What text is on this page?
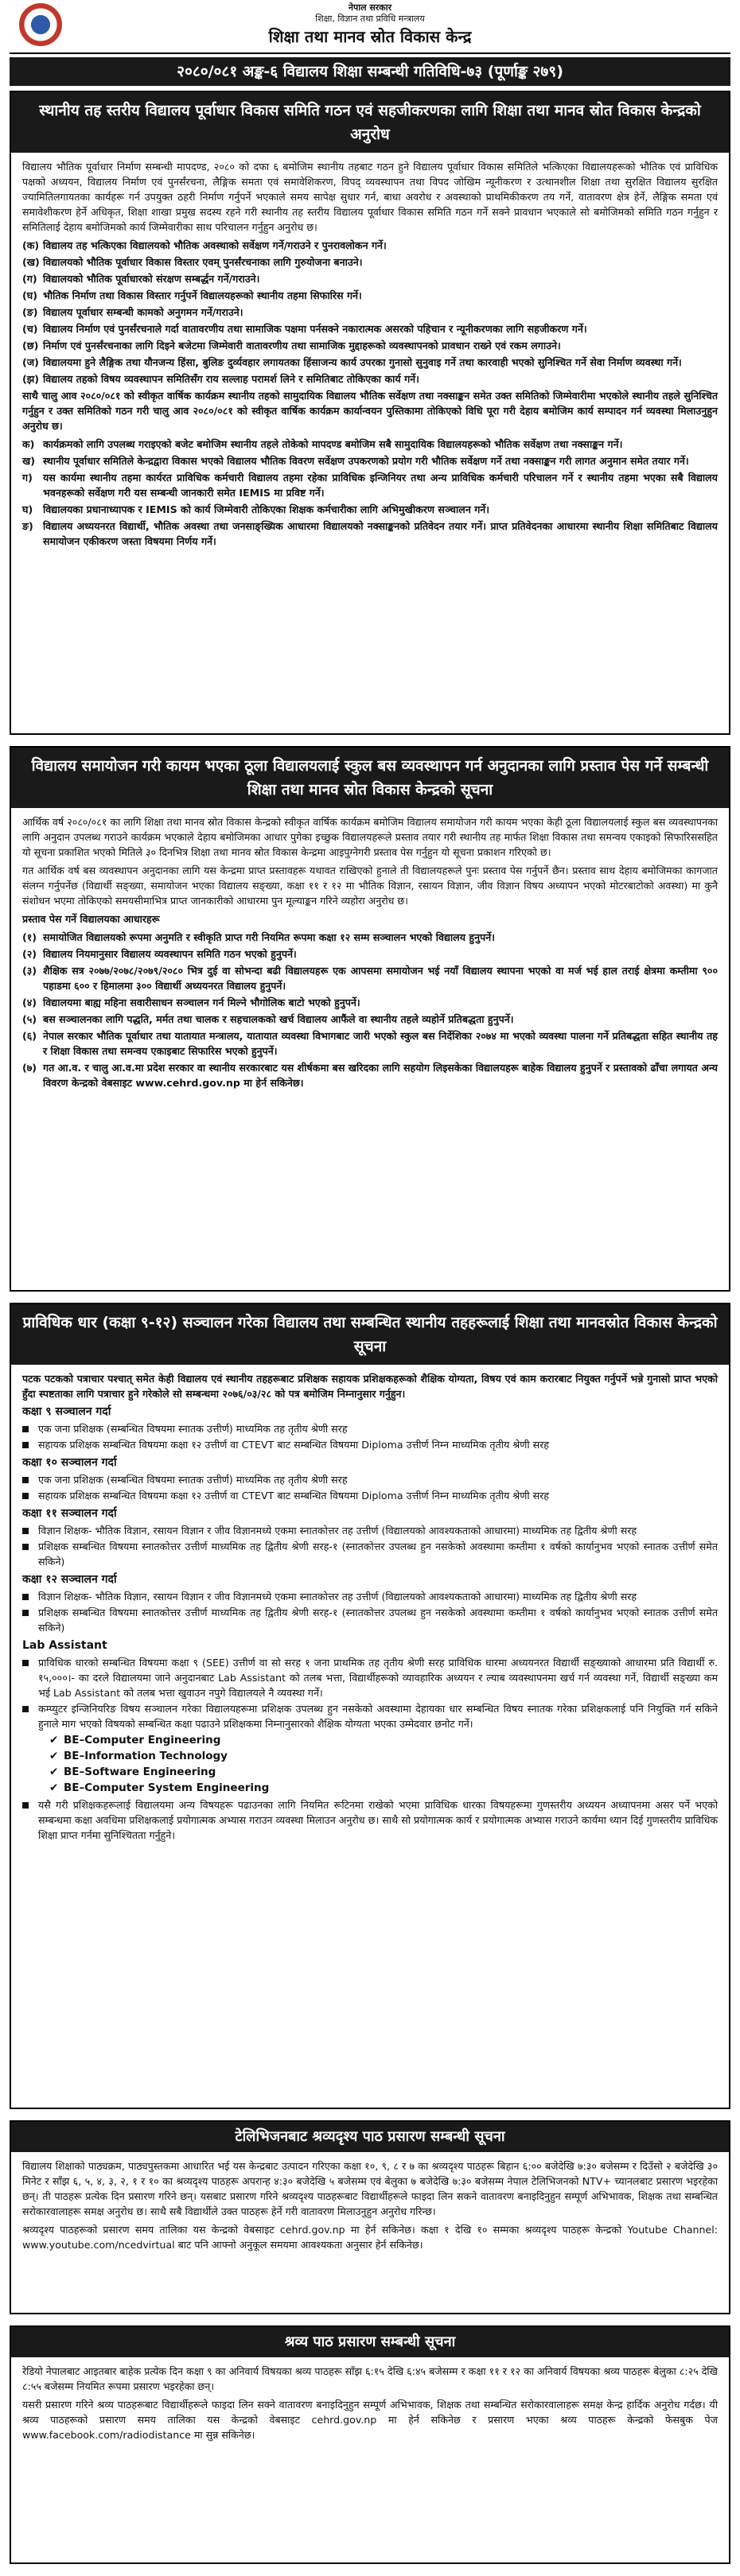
नेपाल सरकार
शिक्षा, विज्ञान तथा प्रविधि मन्त्रालय
शिक्षा तथा मानव स्रोत विकास केन्द्र
२०८०/०८१ अङ्क-६ विद्यालय शिक्षा सम्बन्धी गतिविधि-७३ (पूर्णाङ्क २७९)
स्थानीय तह स्तरीय विद्यालय पूर्वाधार विकास समिति गठन एवं सहजीकरणका लागि शिक्षा तथा मानव स्रोत विकास केन्द्रको अनुरोध

विद्यालय भौतिक पूर्वाधार निर्माण सम्बन्धी मापदण्ड, २०८० को दफा ६ बमोजिम स्थानीय तहबाट गठन हुने विद्यालय पूर्वाधार विकास समितिले भत्किएका विद्यालयहरूको भौतिक एवं प्राविधिक पक्षको अध्ययन, विद्यालय निर्माण एवं पुनर्संरचना, लैङ्गिक समता एवं समावेशिकरण, विपद् व्यवस्थापन तथा विपद जोखिम न्यूनीकरण र उत्थानशील शिक्षा तथा सुरक्षित विद्यालय सुरक्षित ज्यामितिलगायतका कार्यहरू गर्न उपयुक्त ठहरी निर्माण गर्नुपर्ने भएकाले समय सापेक्ष सुधार गर्न, बाधा अवरोध र अवस्थाको प्राथमिकीकरण तय गर्ने, वातावरण क्षेत्र हेर्ने, लैङ्गिक समता एवं समावेशीकरण हेर्ने अधिकृत, शिक्षा शाखा प्रमुख सदस्य रहने गरी स्थानीय तह स्तरीय विद्यालय पूर्वाधार विकास समिति गठन गर्ने सक्ने प्रावधान भएकाले सो बमोजिमको समिति गठन गर्नुहुन र समितिलाई देहाय बमोजिमको कार्य जिम्मेवारीका साथ परिचालन गर्नुहुन अनुरोध छ।

(क) विद्यालय तह भत्किएका विद्यालयको भौतिक अवस्थाको सर्वेक्षण गर्ने/गराउने र पुनरावलोकन गर्ने।
(ख) विद्यालयको भौतिक पूर्वाधार विकास विस्तार एवम् पुनर्संरचनाका लागि गुरुयोजना बनाउने।
(ग) विद्यालयको भौतिक पूर्वाधारको संरक्षण सम्बर्द्धन गर्ने/गराउने।
(घ) भौतिक निर्माण तथा विकास विस्तार गर्नुपर्ने विद्यालयहरूको स्थानीय तहमा सिफारिस गर्ने।
(ङ) विद्यालय पूर्वाधार सम्बन्धी कामको अनुगमन गर्ने/गराउने।
(च) विद्यालय निर्माण एवं पुनर्संरचनाले गर्दा वातावरणीय तथा सामाजिक पक्षमा पर्नसक्ने नकारात्मक असरको पहिचान र न्यूनीकरणका लागि सहजीकरण गर्ने।
(छ) निर्माण एवं पुनर्संरचनाका लागि दिइने बजेटमा जिम्मेवारी वातावरणीय तथा सामाजिक मुद्दाहरूको व्यवस्थापनको प्रावधान राख्ने एवं रकम लगाउने।
(ज) विद्यालयमा हुने लैङ्गिक तथा यौनजन्य हिंसा, बुलिङ दुर्व्यवहार लगायतका हिंसाजन्य कार्य उपरका गुनासो सुनुवाइ गर्ने तथा कारवाही भएको सुनिश्चित गर्ने सेवा निर्माण व्यवस्था गर्ने।
(झ) विद्यालय तहको विषय व्यवस्थापन समितिसँग राय सल्लाह परामर्श लिने र समितिबाट तोकिएका कार्य गर्ने।

साथै चालु आव २०८०/०८१ को स्वीकृत वार्षिक कार्यक्रम स्थानीय तहको सामुदायिक विद्यालय भौतिक सर्वेक्षण तथा नक्साङ्कन समेत उक्त समितिको जिम्मेवारीमा भएकोले स्थानीय तहले सुनिश्चित गर्नुहुन र उक्त समितिको गठन गरी चालु आव २०८०/०८१ को स्वीकृत वार्षिक कार्यक्रम कार्यान्वयन पुस्तिकामा तोकिएको विधि पूरा गरी देहाय बमोजिम कार्य सम्पादन गर्न व्यवस्था मिलाउनुहुन अनुरोध छ।

क) कार्यक्रमको लागि उपलब्ध गराइएको बजेट बमोजिम स्थानीय तहले तोकेको मापदण्ड बमोजिम सबै सामुदायिक विद्यालयहरूको भौतिक सर्वेक्षण तथा नक्साङ्कन गर्ने।
ख) स्थानीय पूर्वाधार समितिले केन्द्रद्वारा विकास भएको विद्यालय भौतिक विवरण सर्वेक्षण उपकरणको प्रयोग गरी भौतिक सर्वेक्षण गर्ने तथा नक्साङ्कन गरी लागत अनुमान समेत तयार गर्ने।
ग)	यस कार्यमा स्थानीय तहमा कार्यरत प्राविधिक कर्मचारी विद्यालय तहमा रहेका प्राविधिक इन्जिनियर तथा अन्य प्राविधिक कर्मचारी परिचालन गर्ने र स्थानीय तहमा भएका सबै विद्यालय भवनहरूको सर्वेक्षण गरी यस सम्बन्धी जानकारी समेत IEMIS मा प्रविष्ट गर्ने।
घ)	विद्यालयका प्रधानाध्यापक र IEMIS को कार्य जिम्मेवारी तोकिएका शिक्षक कर्मचारीका लागि अभिमुखीकरण सञ्चालन गर्ने।
ङ) विद्यालय अध्ययनरत विद्यार्थी, भौतिक अवस्था तथा जनसाङ्ख्यिक आधारमा विद्यालयको नक्साङ्कनको प्रतिवेदन तयार गर्ने। प्राप्त प्रतिवेदनका आधारमा स्थानीय शिक्षा समितिबाट विद्यालय समायोजन एकीकरण जस्ता विषयमा निर्णय गर्ने।
विद्यालय समायोजन गरी कायम भएका ठूला विद्यालयलाई स्कुल बस व्यवस्थापन गर्न अनुदानका लागि प्रस्ताव पेस गर्ने सम्बन्धी शिक्षा तथा मानव स्रोत विकास केन्द्रको सूचना

आर्थिक वर्ष २०८०/०८१ का लागि शिक्षा तथा मानव स्रोत विकास केन्द्रको स्वीकृत वार्षिक कार्यक्रम बमोजिम विद्यालय समायोजन गरी कायम भएका केही ठूला विद्यालयलाई स्कुल बस व्यवस्थापनका लागि अनुदान उपलब्ध गराउने कार्यक्रम भएकाले देहाय बमोजिमका आधार पुगेका इच्छुक विद्यालयहरूले प्रस्ताव तयार गरी स्थानीय तह मार्फत शिक्षा विकास तथा समन्वय एकाइको सिफारिससहित यो सूचना प्रकाशित भएको मितिले ३० दिनभित्र शिक्षा तथा मानव स्रोत विकास केन्द्रमा आइपुग्नेगरी प्रस्ताव पेस गर्नुहुन यो सूचना प्रकाशन गरिएको छ।

गत आर्थिक वर्ष बस व्यवस्थापन अनुदानका लागि यस केन्द्रमा प्राप्त प्रस्तावहरू यथावत राखिएको हुनाले ती विद्यालयहरूले पुनः प्रस्ताव पेस गर्नुपर्ने छैन। प्रस्ताव साथ देहाय बमोजिमका कागजात संलग्न गर्नुपर्नेछ (विद्यार्थी सङ्ख्या, समायोजन भएका विद्यालय सङ्ख्या, कक्षा ११ र १२ मा भौतिक विज्ञान, रसायन विज्ञान, जीव विज्ञान विषय अध्यापन भएको मोटरबाटोको अवस्था) मा कुनै संशोधन भएमा तोकिएको समयसीमाभित्र प्राप्त जानकारीको आधारमा पुन मूल्याङ्कन गरिने व्यहोरा अनुरोध छ।

प्रस्ताव पेस गर्ने विद्यालयका आधारहरू

(१) समायोजित विद्यालयको रूपमा अनुमति र स्वीकृति प्राप्त गरी नियमित रूपमा कक्षा १२ सम्म सञ्चालन भएको विद्यालय हुनुपर्ने।
(२) विद्यालय नियमानुसार विद्यालय व्यवस्थापन समिति गठन भएको हुनुपर्ने।
(३) शैक्षिक सत्र २०७७/२०७८/२०७९/२०८० भित्र दुई वा सोभन्दा बढी विद्यालयहरू एक आपसमा समायोजन भई नयाँ विद्यालय स्थापना भएको वा मर्ज भई हाल तराई क्षेत्रमा कम्तीमा ९०० पहाडमा ६०० र हिमालमा ३०० विद्यार्थी अध्ययनरत विद्यालय हुनुपर्ने।
(४) विद्यालयमा बाह्य महिना सवारीसाधन सञ्चालन गर्न मिल्ने भौगोलिक बाटो भएको हुनुपर्ने।
(५) बस सञ्चालनका लागि पद्धति, मर्मत तथा चालक र सहचालकको खर्च विद्यालय आफैंले वा स्थानीय तहले व्यहोर्ने प्रतिबद्धता हुनुपर्ने।
(६) नेपाल सरकार भौतिक पूर्वाधार तथा यातायात मन्त्रालय, यातायात व्यवस्था विभागबाट जारी भएको स्कुल बस निर्देशिका २०७४ मा भएको व्यवस्था पालना गर्ने प्रतिबद्धता सहित स्थानीय तह र शिक्षा विकास तथा समन्वय एकाइबाट सिफारिस भएको हुनुपर्ने।
(७) गत आ.व. र चालु आ.व.मा प्रदेश सरकार वा स्थानीय सरकारबाट यस शीर्षकमा बस खरिदका लागि सहयोग लिइसकेका विद्यालयहरू बाहेक विद्यालय हुनुपर्ने र प्रस्तावको ढाँचा लगायत अन्य विवरण केन्द्रको वेबसाइट www.cehrd.gov.np मा हेर्न सकिनेछ।
प्राविधिक धार (कक्षा ९-१२) सञ्चालन गरेका विद्यालय तथा सम्बन्धित स्थानीय तहहरूलाई शिक्षा तथा मानवस्रोत विकास केन्द्रको सूचना

पटक पटकको पत्राचार पश्चात् समेत केही विद्यालय एवं स्थानीय तहहरूबाट प्रशिक्षक सहायक प्रशिक्षकहरूको शैक्षिक योग्यता, विषय एवं काम करारबाट नियुक्त गर्नुपर्ने भन्ने गुनासो प्राप्त भएको हुँदा स्पष्टताका लागि पत्राचार हुने गरेकोले सो सम्बन्धमा २०७६/०३/२८ को पत्र बमोजिम निम्नानुसार गर्नुहुन।

कक्षा ९ सञ्चालन गर्दा
एक जना प्रशिक्षक (सम्बन्धित विषयमा स्नातक उत्तीर्ण) माध्यमिक तह तृतीय श्रेणी सरह
सहायक प्रशिक्षक सम्बन्धित विषयमा कक्षा १२ उत्तीर्ण वा CTEVT बाट सम्बन्धित विषयमा Diploma उत्तीर्ण निम्न माध्यमिक तृतीय श्रेणी सरह
कक्षा १० सञ्चालन गर्दा
एक जना प्रशिक्षक (सम्बन्धित विषयमा स्नातक उत्तीर्ण) माध्यमिक तह तृतीय श्रेणी सरह
सहायक प्रशिक्षक सम्बन्धित विषयमा कक्षा १२ उत्तीर्ण वा CTEVT बाट सम्बन्धित विषयमा Diploma उत्तीर्ण निम्न माध्यमिक तृतीय श्रेणी सरह
कक्षा ११ सञ्चालन गर्दा
विज्ञान शिक्षक- भौतिक विज्ञान, रसायन विज्ञान र जीव विज्ञानमध्ये एकमा स्नातकोत्तर तह उत्तीर्ण (विद्यालयको आवश्यकताको आधारमा) माध्यमिक तह द्वितीय श्रेणी सरह
प्रशिक्षक सम्बन्धित विषयमा स्नातकोत्तर उत्तीर्ण माध्यमिक तह द्वितीय श्रेणी सरह-१ (स्नातकोत्तर उपलब्ध हुन नसकेको अवस्थामा कम्तीमा १ वर्षको कार्यानुभव भएको स्नातक उत्तीर्ण समेत सकिने)
कक्षा १२ सञ्चालन गर्दा
विज्ञान शिक्षक- भौतिक विज्ञान, रसायन विज्ञान र जीव विज्ञानमध्ये एकमा स्नातकोत्तर तह उत्तीर्ण (विद्यालयको आवश्यकताको आधारमा) माध्यमिक तह द्वितीय श्रेणी सरह
प्रशिक्षक सम्बन्धित विषयमा स्नातकोत्तर उत्तीर्ण माध्यमिक तह द्वितीय श्रेणी सरह-१ (स्नातकोत्तर उपलब्ध हुन नसकेको अवस्थामा कम्तीमा १ वर्षको कार्यानुभव भएको स्नातक उत्तीर्ण समेत सकिने)
Lab Assistant
प्राविधिक धारको सम्बन्धित विषयमा कक्षा ९ (SEE) उत्तीर्ण वा सो सरह १ जना प्राथमिक तह तृतीय श्रेणी सरह प्राविधिक धारमा अध्ययनरत विद्यार्थी सङ्ख्याको आधारमा प्रति विद्यार्थी रु. १५,०००।- का दरले विद्यालयमा जाने अनुदानबाट Lab Assistant को तलब भत्ता, विद्यार्थीहरूको व्यावहारिक अध्ययन र ल्याब व्यवस्थापनमा खर्च गर्न व्यवस्था गर्ने, विद्यार्थी सङ्ख्या कम भई Lab Assistant को तलब भत्ता खुवाउन नपुगे विद्यालयले नै व्यवस्था गर्ने।
कम्प्युटर इन्जिनियरिङ विषय सञ्चालन गरेका विद्यालयहरूमा प्रशिक्षक उपलब्ध हुन नसकेको अवस्थामा देहायका धार सम्बन्धित विषय स्नातक गरेका प्रशिक्षकलाई पनि नियुक्ति गर्न सकिने हुनाले माग भएको विषयको सम्बन्धित कक्षा पढाउने प्रशिक्षकमा निम्नानुसारको शैक्षिक योग्यता भएका उम्मेदवार छनोट गर्ने।
✔ BE–Computer Engineering
✔ BE–Information Technology
✔ BE–Software Engineering
✔ BE–Computer System Engineering
यसै गरी प्रशिक्षकहरूलाई विद्यालयमा अन्य विषयहरू पढाउनका लागि नियमित रूटिनमा राखेको भएमा प्राविधिक धारका विषयहरूमा गुणस्तरीय अध्ययन अध्यापनमा असर पर्ने भएको सम्बन्धमा कक्षा अवधिमा प्रशिक्षकलाई प्रयोगात्मक अभ्यास गराउन व्यवस्था मिलाउन अनुरोध छ। साथै सो प्रयोगात्मक कार्य र प्रयोगात्मक अभ्यास गराउने कार्यमा ध्यान दिई गुणस्तरीय प्राविधिक शिक्षा प्राप्त गर्नमा सुनिश्चितता गर्नुहुने।
टेलिभिजनबाट श्रव्यदृश्य पाठ प्रसारण सम्बन्धी सूचना

विद्यालय शिक्षाको पाठ्यक्रम, पाठ्यपुस्तकमा आधारित भई यस केन्द्रबाट उत्पादन गरिएका कक्षा १०, ९, ८ र ७ का श्रव्यदृश्य पाठहरू बिहान ६:०० बजेदेखि ७:३० बजेसम्म र दिउँसो २ बजेदेखि ३० मिनेट र साँझ ६, ५, ४, ३, २, १ र १० का श्रव्यदृश्य पाठहरू अपरान्ह ४:३० बजेदेखि ५ बजेसम्म एवं बेलुका ७ बजेदेखि ७:३० बजेसम्म नेपाल टेलिभिजनको NTV+ च्यानलबाट प्रसारण भइरहेका छन्। ती पाठहरू प्रत्येक दिन प्रसारण गरिने छन्। यसबाट प्रसारण गरिने श्रव्यदृश्य पाठहरूबाट विद्यार्थीहरूले फाइदा लिन सकने वातावरण बनाइदिनुहुन सम्पूर्ण अभिभावक, शिक्षक तथा सम्बन्धित सरोकारवालाहरू समक्ष अनुरोध छ। साथै सबै विद्यार्थीले उक्त पाठहरू हेर्ने गरी वातावरण मिलाउनुहुन अनुरोध गरिन्छ।

श्रव्यदृश्य पाठहरूको प्रसारण समय तालिका यस केन्द्रको वेबसाइट cehrd.gov.np मा हेर्न सकिनेछ। कक्षा १ देखि १० सम्मका श्रव्यदृश्य पाठहरू केन्द्रको Youtube Channel: www.youtube.com/ncedvirtual बाट पनि आफ्नो अनुकूल समयमा आवश्यकता अनुसार हेर्न सकिनेछ।

श्रव्य पाठ प्रसारण सम्बन्धी सूचना

रेडियो नेपालबाट आइतबार बाहेक प्रत्येक दिन कक्षा ९ का अनिवार्य विषयका श्रव्य पाठहरू साँझ ६:१५ देखि ६:४५ बजेसम्म र कक्षा ११ र १२ का अनिवार्य विषयका श्रव्य पाठहरू बेलुका ८:२५ देखि ८:५५ बजेसम्म नियमित रूपमा प्रसारण भइरहेका छन्।

यसरी प्रसारण गरिने श्रव्य पाठहरूबाट विद्यार्थीहरूले फाइदा लिन सक्ने वातावरण बनाइदिनुहुन सम्पूर्ण अभिभावक, शिक्षक तथा सम्बन्धित सरोकारवालाहरू समक्ष केन्द्र हार्दिक अनुरोध गर्दछ। यी श्रव्य पाठहरूको प्रसारण समय तालिका यस केन्द्रको वेबसाइट cehrd.gov.np मा हेर्न सकिनेछ र प्रसारण भएका श्रव्य पाठहरू केन्द्रको फेसबुक पेज www.facebook.com/radiodistance मा सुन्न सकिनेछ।
